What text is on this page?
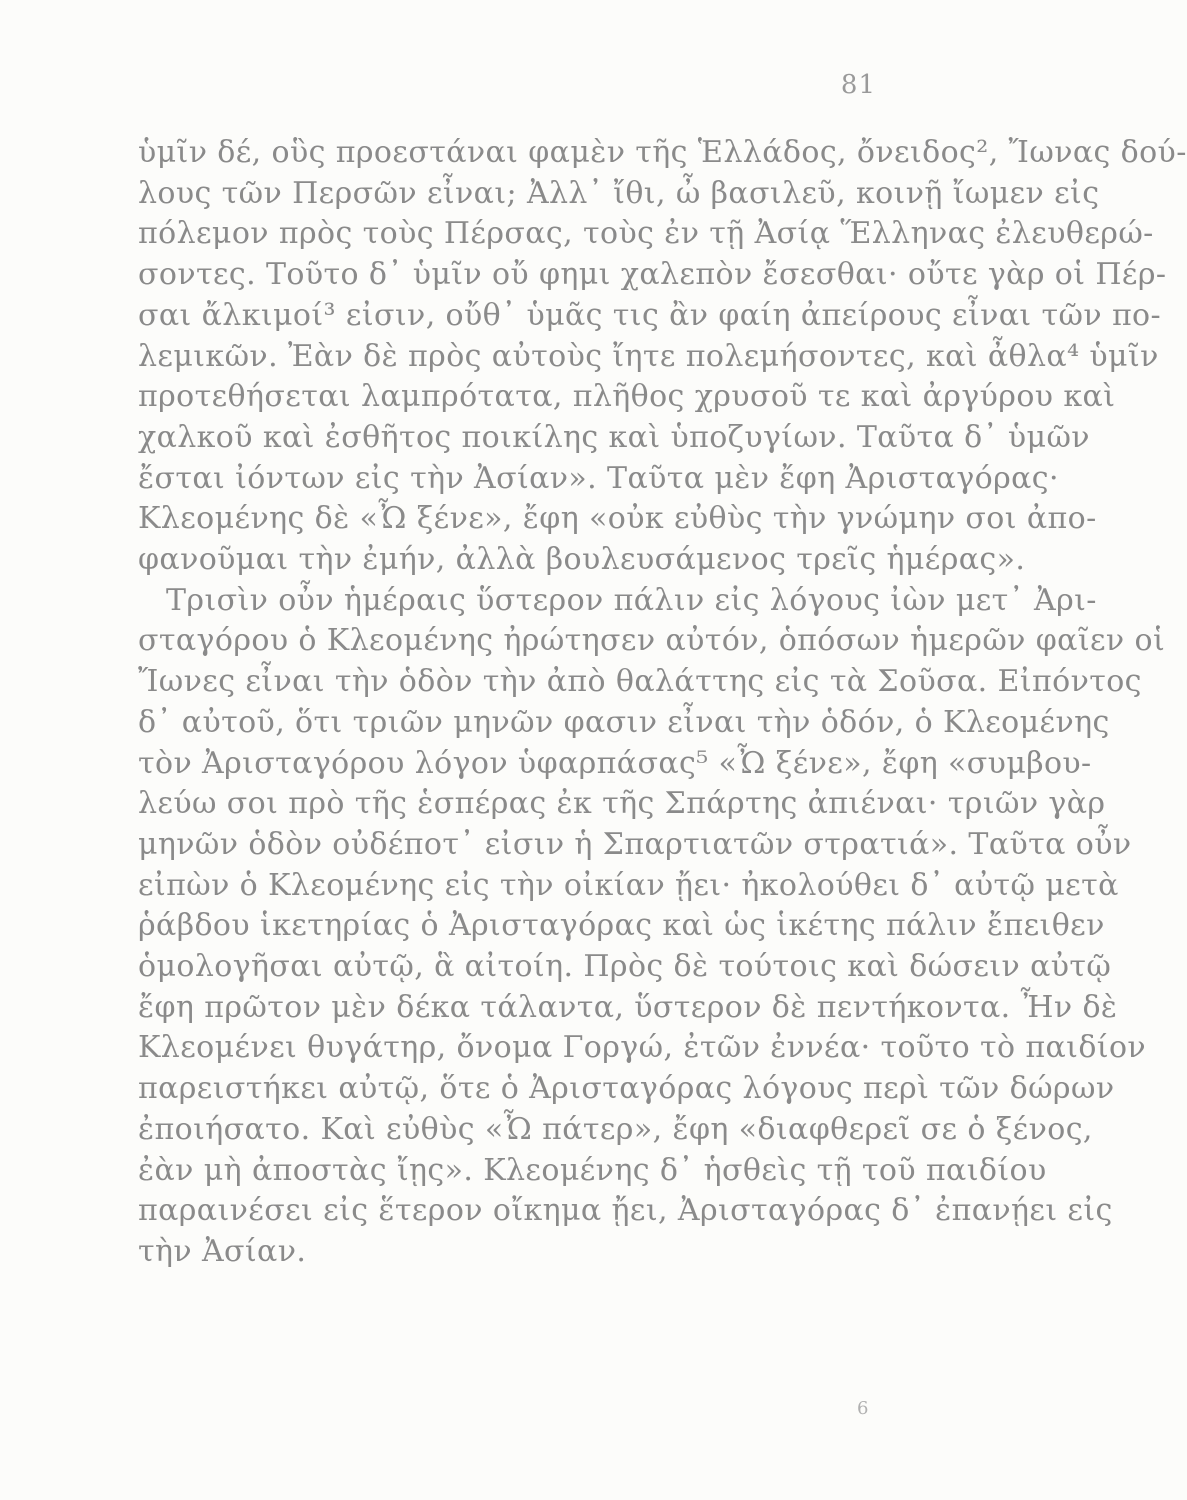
81
ὑμῖν δέ, οὓς προεστάναι φαμὲν τῆς Ἑλλάδος, ὄνειδος², Ἴωνας δού-
λους τῶν Περσῶν εἶναι; Ἀλλ᾽ ἴθι, ὦ βασιλεῦ, κοινῇ ἴωμεν εἰς
πόλεμον πρὸς τοὺς Πέρσας, τοὺς ἐν τῇ Ἀσίᾳ Ἕλληνας ἐλευθερώ-
σοντες. Τοῦτο δ᾽ ὑμῖν οὔ φημι χαλεπὸν ἔσεσθαι· οὔτε γὰρ οἱ Πέρ-
σαι ἄλκιμοί³ εἰσιν, οὔθ᾽ ὑμᾶς τις ἂν φαίη ἀπείρους εἶναι τῶν πο-
λεμικῶν. Ἐὰν δὲ πρὸς αὐτοὺς ἴητε πολεμήσοντες, καὶ ἆθλα⁴ ὑμῖν
προτεθήσεται λαμπρότατα, πλῆθος χρυσοῦ τε καὶ ἀργύρου καὶ
χαλκοῦ καὶ ἐσθῆτος ποικίλης καὶ ὑποζυγίων. Ταῦτα δ᾽ ὑμῶν
ἔσται ἰόντων εἰς τὴν Ἀσίαν». Ταῦτα μὲν ἔφη Ἀρισταγόρας·
Κλεομένης δὲ «Ὦ ξένε», ἔφη «οὐκ εὐθὺς τὴν γνώμην σοι ἀπο-
φανοῦμαι τὴν ἐμήν, ἀλλὰ βουλευσάμενος τρεῖς ἡμέρας».
Τρισὶν οὖν ἡμέραις ὕστερον πάλιν εἰς λόγους ἰὼν μετ᾽ Ἀρι-
σταγόρου ὁ Κλεομένης ἠρώτησεν αὐτόν, ὁπόσων ἡμερῶν φαῖεν οἱ
Ἴωνες εἶναι τὴν ὁδὸν τὴν ἀπὸ θαλάττης εἰς τὰ Σοῦσα. Εἰπόντος
δ᾽ αὐτοῦ, ὅτι τριῶν μηνῶν φασιν εἶναι τὴν ὁδόν, ὁ Κλεομένης
τὸν Ἀρισταγόρου λόγον ὑφαρπάσας⁵ «Ὦ ξένε», ἔφη «συμβου-
λεύω σοι πρὸ τῆς ἑσπέρας ἐκ τῆς Σπάρτης ἀπιέναι· τριῶν γὰρ
μηνῶν ὁδὸν οὐδέποτ᾽ εἰσιν ἡ Σπαρτιατῶν στρατιά». Ταῦτα οὖν
εἰπὼν ὁ Κλεομένης εἰς τὴν οἰκίαν ᾔει· ἠκολούθει δ᾽ αὐτῷ μετὰ
ῥάβδου ἱκετηρίας ὁ Ἀρισταγόρας καὶ ὡς ἱκέτης πάλιν ἔπειθεν
ὁμολογῆσαι αὐτῷ, ἃ αἰτοίη. Πρὸς δὲ τούτοις καὶ δώσειν αὐτῷ
ἔφη πρῶτον μὲν δέκα τάλαντα, ὕστερον δὲ πεντήκοντα. Ἦν δὲ
Κλεομένει θυγάτηρ, ὄνομα Γοργώ, ἐτῶν ἐννέα· τοῦτο τὸ παιδίον
παρειστήκει αὐτῷ, ὅτε ὁ Ἀρισταγόρας λόγους περὶ τῶν δώρων
ἐποιήσατο. Καὶ εὐθὺς «Ὦ πάτερ», ἔφη «διαφθερεῖ σε ὁ ξένος,
ἐὰν μὴ ἀποστὰς ἴῃς». Κλεομένης δ᾽ ἡσθεὶς τῇ τοῦ παιδίου
παραινέσει εἰς ἕτερον οἴκημα ᾔει, Ἀρισταγόρας δ᾽ ἐπανῄει εἰς
τὴν Ἀσίαν.
6
